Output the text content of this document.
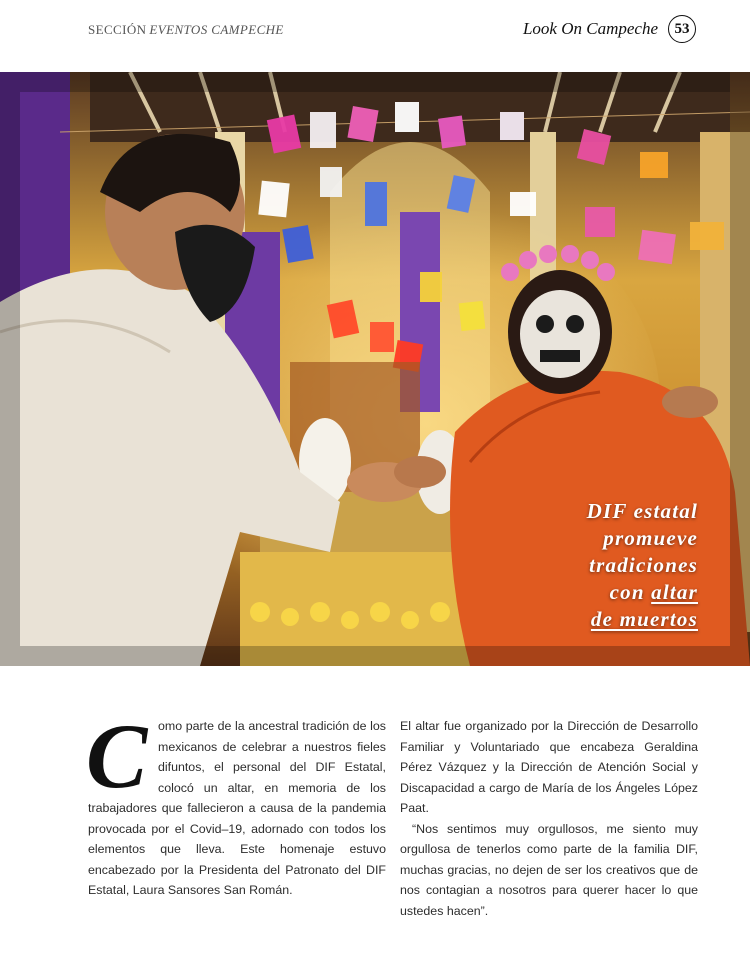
SECCIÓN EVENTOS CAMPECHE	Look On Campeche	53
DIF estatal
promueve
tradiciones
con altar
de muertos
C omo parte de la ancestral tradición de los mexicanos de celebrar a nuestros fieles difuntos, el personal del DIF Estatal, colocó un altar, en memoria de los trabajadores que fallecieron a causa de la pandemia provocada por el Covid–19, adornado con todos los elementos que lleva. Este homenaje estuvo encabezado por la Presidenta del Patronato del DIF Estatal, Laura Sansores San Román.

El altar fue organizado por la Dirección de Desarrollo Familiar y Voluntariado que encabeza Geraldina Pérez Vázquez y la Dirección de Atención Social y Discapacidad a cargo de María de los Ángeles López Paat.

“Nos sentimos muy orgullosos, me siento muy orgullosa de tenerlos como parte de la familia DIF, muchas gracias, no dejen de ser los creativos que de nos contagian a nosotros para querer hacer lo que ustedes hacen”.
